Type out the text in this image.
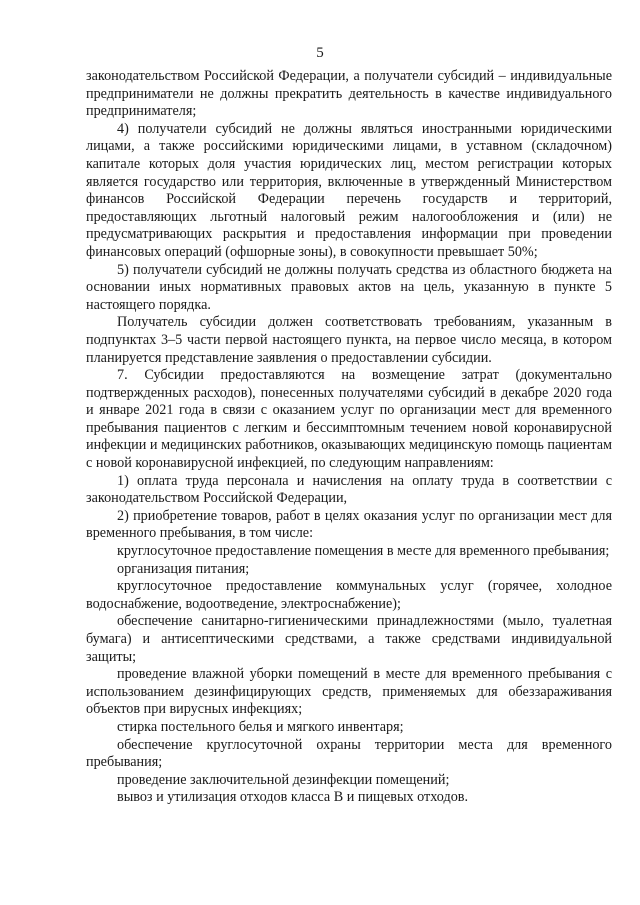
5

законодательством Российской Федерации, а получатели субсидий – индивидуальные предприниматели не должны прекратить деятельность в качестве индивидуального предпринимателя;

4) получатели субсидий не должны являться иностранными юридическими лицами, а также российскими юридическими лицами, в уставном (складочном) капитале которых доля участия юридических лиц, местом регистрации которых является государство или территория, включенные в утвержденный Министерством финансов Российской Федерации перечень государств и территорий, предоставляющих льготный налоговый режим налогообложения и (или) не предусматривающих раскрытия и предоставления информации при проведении финансовых операций (офшорные зоны), в совокупности превышает 50%;

5) получатели субсидий не должны получать средства из областного бюджета на основании иных нормативных правовых актов на цель, указанную в пункте 5 настоящего порядка.

Получатель субсидии должен соответствовать требованиям, указанным в подпунктах 3–5 части первой настоящего пункта, на первое число месяца, в котором планируется представление заявления о предоставлении субсидии.

7. Субсидии предоставляются на возмещение затрат (документально подтвержденных расходов), понесенных получателями субсидий в декабре 2020 года и январе 2021 года в связи с оказанием услуг по организации мест для временного пребывания пациентов с легким и бессимптомным течением новой коронавирусной инфекции и медицинских работников, оказывающих медицинскую помощь пациентам с новой коронавирусной инфекцией, по следующим направлениям:

1) оплата труда персонала и начисления на оплату труда в соответствии с законодательством Российской Федерации,

2) приобретение товаров, работ в целях оказания услуг по организации мест для временного пребывания, в том числе:

круглосуточное предоставление помещения в месте для временного пребывания;

организация питания;

круглосуточное предоставление коммунальных услуг (горячее, холодное водоснабжение, водоотведение, электроснабжение);

обеспечение санитарно-гигиеническими принадлежностями (мыло, туалетная бумага) и антисептическими средствами, а также средствами индивидуальной защиты;

проведение влажной уборки помещений в месте для временного пребывания с использованием дезинфицирующих средств, применяемых для обеззараживания объектов при вирусных инфекциях;

стирка постельного белья и мягкого инвентаря;

обеспечение круглосуточной охраны территории места для временного пребывания;

проведение заключительной дезинфекции помещений;

вывоз и утилизация отходов класса В и пищевых отходов.
